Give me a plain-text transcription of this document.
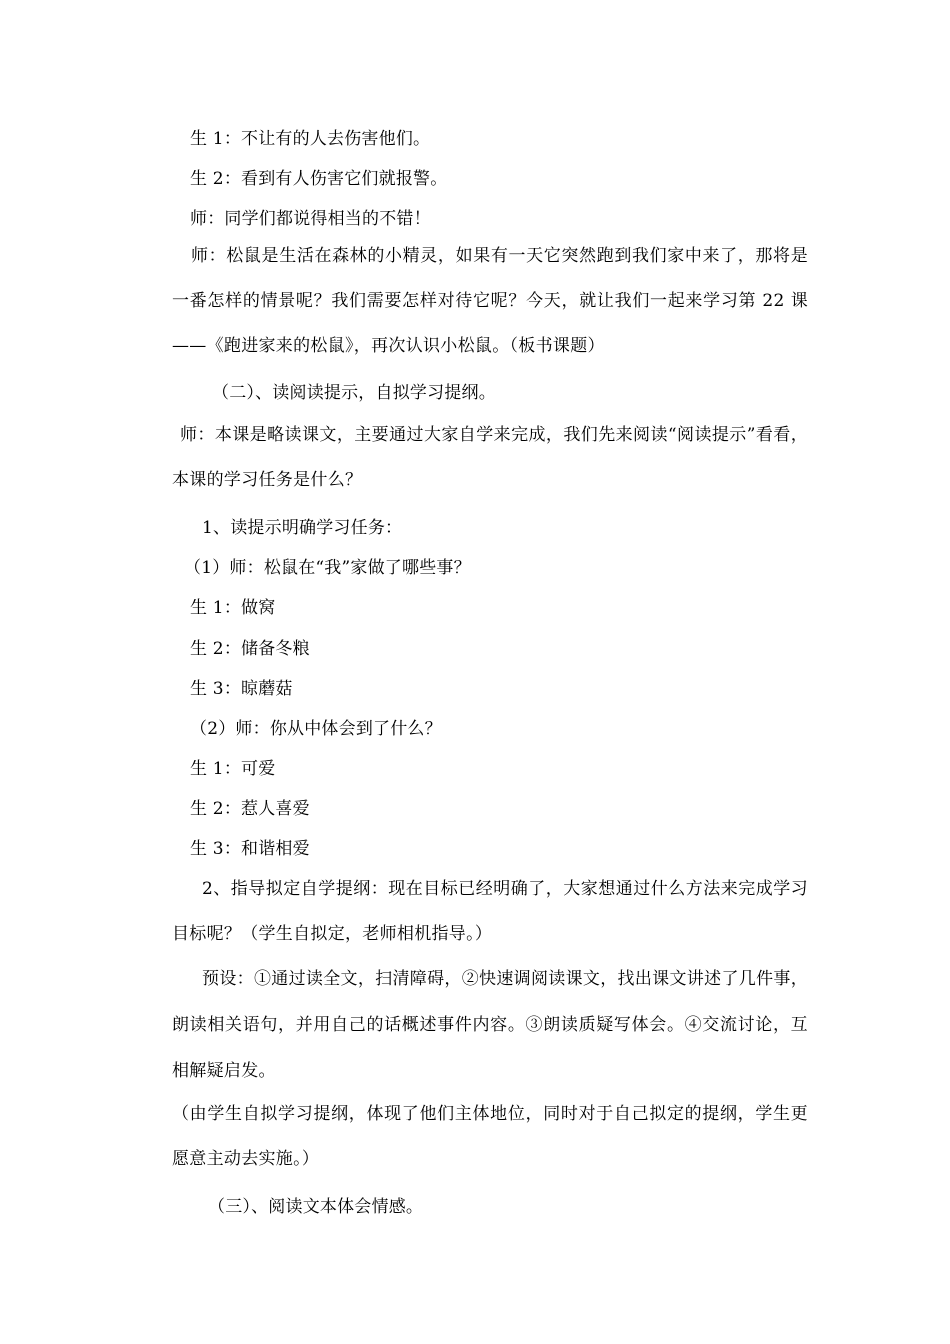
生 1：不让有的人去伤害他们。
生 2：看到有人伤害它们就报警。
师：同学们都说得相当的不错！
师：松鼠是生活在森林的小精灵，如果有一天它突然跑到我们家中来了，那将是一番怎样的情景呢？我们需要怎样对待它呢？今天，就让我们一起来学习第 22 课——《跑进家来的松鼠》，再次认识小松鼠。（板书课题）
（二）、读阅读提示，自拟学习提纲。
师：本课是略读课文，主要通过大家自学来完成，我们先来阅读“阅读提示”看看，本课的学习任务是什么？
1、读提示明确学习任务：
（1）师：松鼠在“我”家做了哪些事？
生 1：做窝
生 2：储备冬粮
生 3：晾蘑菇
（2）师：你从中体会到了什么？
生 1：可爱
生 2：惹人喜爱
生 3：和谐相爱
2、指导拟定自学提纲：现在目标已经明确了，大家想通过什么方法来完成学习目标呢？（学生自拟定，老师相机指导。）
预设：①通过读全文，扫清障碍，②快速调阅读课文，找出课文讲述了几件事，朗读相关语句，并用自己的话概述事件内容。③朗读质疑写体会。④交流讨论，互相解疑启发。
（由学生自拟学习提纲，体现了他们主体地位，同时对于自己拟定的提纲，学生更愿意主动去实施。）
（三）、阅读文本体会情感。
